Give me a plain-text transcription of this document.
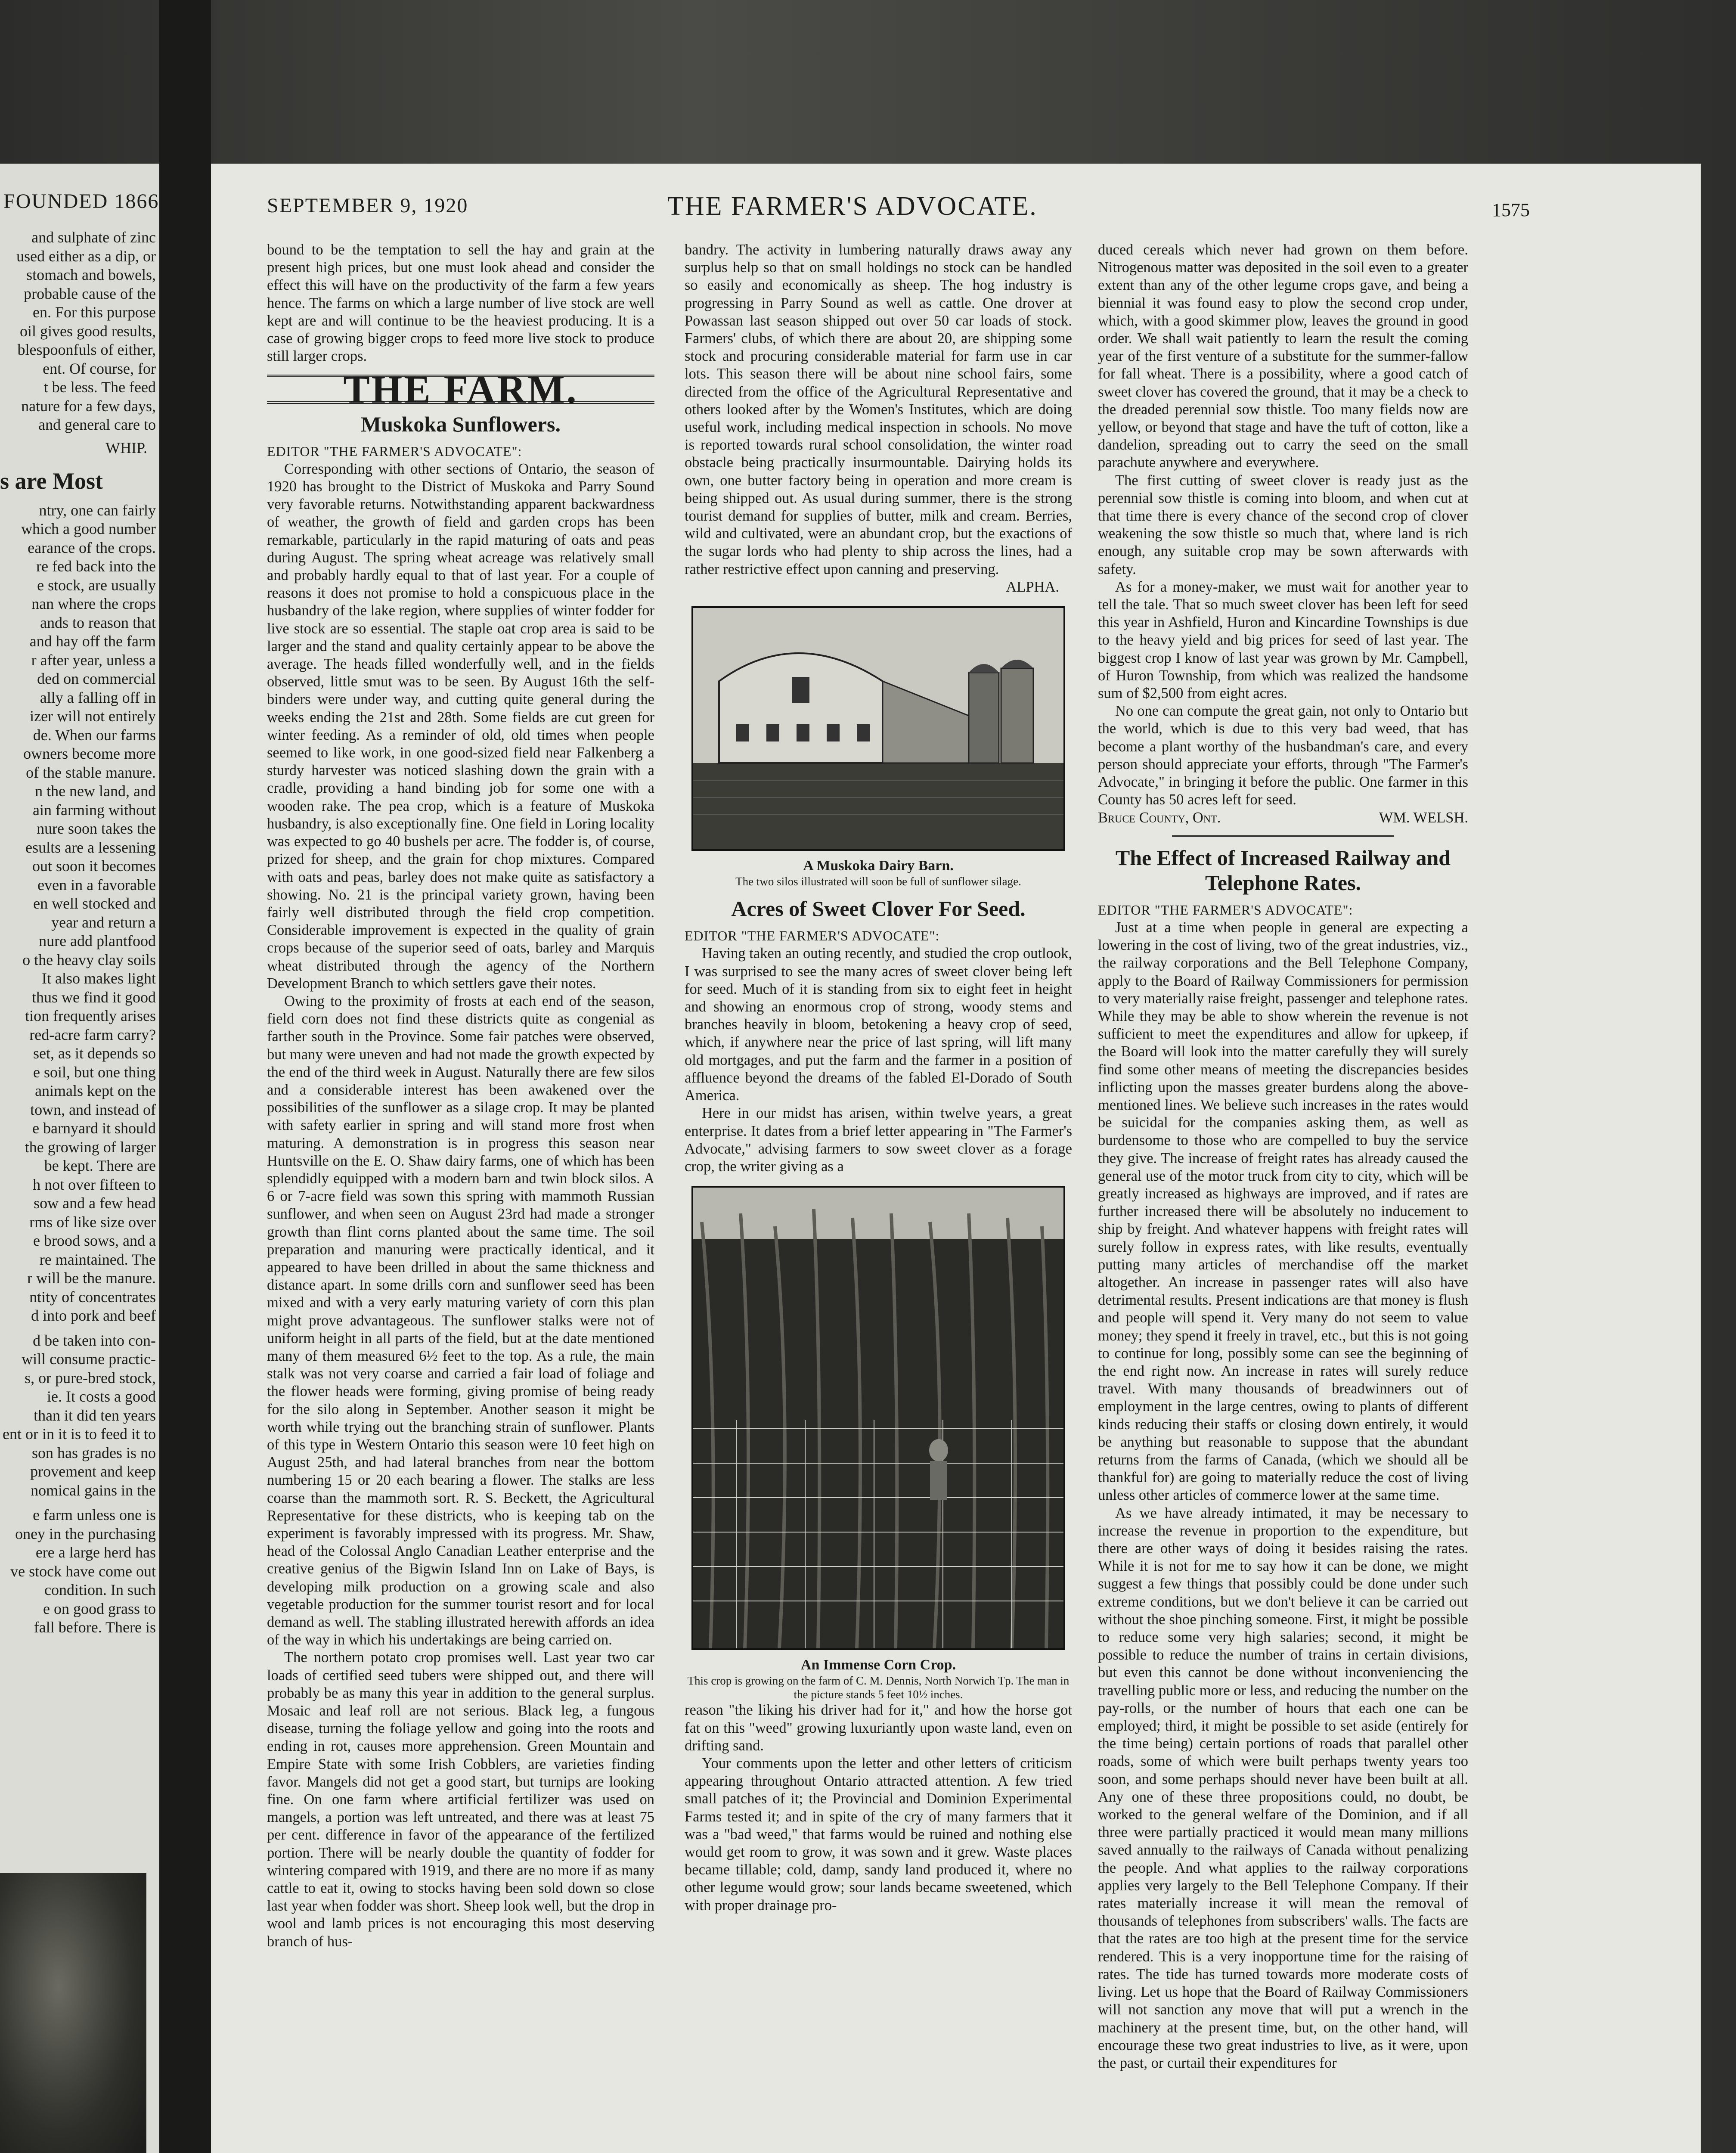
FOUNDED 1866

and sulphate of zinc

used either as a dip, or

stomach and bowels,

probable cause of the

en. For this purpose

oil gives good results,

blespoonfuls of either,

ent. Of course, for

t be less. The feed

nature for a few days,

and general care to

WHIP.

s are Most

ntry, one can fairly

which a good number

earance of the crops.

re fed back into the

e stock, are usually

nan where the crops

ands to reason that

and hay off the farm

r after year, unless a

ded on commercial

ally a falling off in

izer will not entirely

de. When our farms

owners become more

of the stable manure.

n the new land, and

ain farming without

nure soon takes the

esults are a lessening

out soon it becomes

even in a favorable

en well stocked and

year and return a

nure add plantfood

o the heavy clay soils

It also makes light

thus we find it good

tion frequently arises

red-acre farm carry?

set, as it depends so

e soil, but one thing

animals kept on the

town, and instead of

e barnyard it should

the growing of larger

be kept. There are

h not over fifteen to

sow and a few head

rms of like size over

e brood sows, and a

re maintained. The

r will be the manure.

ntity of concentrates

d into pork and beef

d be taken into con-

will consume practic-

s, or pure-bred stock,

ie. It costs a good

than it did ten years

ent or in it is to feed it to

son has grades is no

provement and keep

nomical gains in the

e farm unless one is

oney in the purchasing

ere a large herd has

ve stock have come out

condition. In such

e on good grass to

fall before. There is

SEPTEMBER 9, 1920	THE FARMER'S ADVOCATE.	1575

bound to be the temptation to sell the hay and grain at the present high prices, but one must look ahead and consider the effect this will have on the productivity of the farm a few years hence. The farms on which a large number of live stock are well kept are and will continue to be the heaviest producing. It is a case of growing bigger crops to feed more live stock to produce still larger crops.

THE FARM.
Muskoka Sunflowers.

EDITOR "THE FARMER'S ADVOCATE":

Corresponding with other sections of Ontario, the season of 1920 has brought to the District of Muskoka and Parry Sound very favorable returns. Notwithstanding apparent backwardness of weather, the growth of field and garden crops has been remarkable, particularly in the rapid maturing of oats and peas during August. The spring wheat acreage was relatively small and probably hardly equal to that of last year. For a couple of reasons it does not promise to hold a conspicuous place in the husbandry of the lake region, where supplies of winter fodder for live stock are so essential. The staple oat crop area is said to be larger and the stand and quality certainly appear to be above the average. The heads filled wonderfully well, and in the fields observed, little smut was to be seen. By August 16th the self-binders were under way, and cutting quite general during the weeks ending the 21st and 28th. Some fields are cut green for winter feeding. As a reminder of old, old times when people seemed to like work, in one good-sized field near Falkenberg a sturdy harvester was noticed slashing down the grain with a cradle, providing a hand binding job for some one with a wooden rake. The pea crop, which is a feature of Muskoka husbandry, is also exceptionally fine. One field in Loring locality was expected to go 40 bushels per acre. The fodder is, of course, prized for sheep, and the grain for chop mixtures. Compared with oats and peas, barley does not make quite as satisfactory a showing. No. 21 is the principal variety grown, having been fairly well distributed through the field crop competition. Considerable improvement is expected in the quality of grain crops because of the superior seed of oats, barley and Marquis wheat distributed through the agency of the Northern Development Branch to which settlers gave their notes.

Owing to the proximity of frosts at each end of the season, field corn does not find these districts quite as congenial as farther south in the Province. Some fair patches were observed, but many were uneven and had not made the growth expected by the end of the third week in August. Naturally there are few silos and a considerable interest has been awakened over the possibilities of the sunflower as a silage crop. It may be planted with safety earlier in spring and will stand more frost when maturing. A demonstration is in progress this season near Huntsville on the E. O. Shaw dairy farms, one of which has been splendidly equipped with a modern barn and twin block silos. A 6 or 7-acre field was sown this spring with mammoth Russian sunflower, and when seen on August 23rd had made a stronger growth than flint corns planted about the same time. The soil preparation and manuring were practically identical, and it appeared to have been drilled in about the same thickness and distance apart. In some drills corn and sunflower seed has been mixed and with a very early maturing variety of corn this plan might prove advantageous. The sunflower stalks were not of uniform height in all parts of the field, but at the date mentioned many of them measured 6½ feet to the top. As a rule, the main stalk was not very coarse and carried a fair load of foliage and the flower heads were forming, giving promise of being ready for the silo along in September. Another season it might be worth while trying out the branching strain of sunflower. Plants of this type in Western Ontario this season were 10 feet high on August 25th, and had lateral branches from near the bottom numbering 15 or 20 each bearing a flower. The stalks are less coarse than the mammoth sort. R. S. Beckett, the Agricultural Representative for these districts, who is keeping tab on the experiment is favorably impressed with its progress. Mr. Shaw, head of the Colossal Anglo Canadian Leather enterprise and the creative genius of the Bigwin Island Inn on Lake of Bays, is developing milk production on a growing scale and also vegetable production for the summer tourist resort and for local demand as well. The stabling illustrated herewith affords an idea of the way in which his undertakings are being carried on.

The northern potato crop promises well. Last year two car loads of certified seed tubers were shipped out, and there will probably be as many this year in addition to the general surplus. Mosaic and leaf roll are not serious. Black leg, a fungous disease, turning the foliage yellow and going into the roots and ending in rot, causes more apprehension. Green Mountain and Empire State with some Irish Cobblers, are varieties finding favor. Mangels did not get a good start, but turnips are looking fine. On one farm where artificial fertilizer was used on mangels, a portion was left untreated, and there was at least 75 per cent. difference in favor of the appearance of the fertilized portion. There will be nearly double the quantity of fodder for wintering compared with 1919, and there are no more if as many cattle to eat it, owing to stocks having been sold down so close last year when fodder was short. Sheep look well, but the drop in wool and lamb prices is not encouraging this most deserving branch of hus-

bandry. The activity in lumbering naturally draws away any surplus help so that on small holdings no stock can be handled so easily and economically as sheep. The hog industry is progressing in Parry Sound as well as cattle. One drover at Powassan last season shipped out over 50 car loads of stock. Farmers' clubs, of which there are about 20, are shipping some stock and procuring considerable material for farm use in car lots. This season there will be about nine school fairs, some directed from the office of the Agricultural Representative and others looked after by the Women's Institutes, which are doing useful work, including medical inspection in schools. No move is reported towards rural school consolidation, the winter road obstacle being practically insurmountable. Dairying holds its own, one butter factory being in operation and more cream is being shipped out. As usual during summer, there is the strong tourist demand for supplies of butter, milk and cream. Berries, wild and cultivated, were an abundant crop, but the exactions of the sugar lords who had plenty to ship across the lines, had a rather restrictive effect upon canning and preserving.

ALPHA.

A Muskoka Dairy Barn.

The two silos illustrated will soon be full of sunflower silage.

Acres of Sweet Clover For Seed.

EDITOR "THE FARMER'S ADVOCATE":

Having taken an outing recently, and studied the crop outlook, I was surprised to see the many acres of sweet clover being left for seed. Much of it is standing from six to eight feet in height and showing an enormous crop of strong, woody stems and branches heavily in bloom, betokening a heavy crop of seed, which, if anywhere near the price of last spring, will lift many old mortgages, and put the farm and the farmer in a position of affluence beyond the dreams of the fabled El-Dorado of South America.

Here in our midst has arisen, within twelve years, a great enterprise. It dates from a brief letter appearing in "The Farmer's Advocate," advising farmers to sow sweet clover as a forage crop, the writer giving as a

An Immense Corn Crop.

This crop is growing on the farm of C. M. Dennis, North Norwich Tp. The man in the picture stands 5 feet 10½ inches.

reason "the liking his driver had for it," and how the horse got fat on this "weed" growing luxuriantly upon waste land, even on drifting sand.

Your comments upon the letter and other letters of criticism appearing throughout Ontario attracted attention. A few tried small patches of it; the Provincial and Dominion Experimental Farms tested it; and in spite of the cry of many farmers that it was a "bad weed," that farms would be ruined and nothing else would get room to grow, it was sown and it grew. Waste places became tillable; cold, damp, sandy land produced it, where no other legume would grow; sour lands became sweetened, which with proper drainage pro-

duced cereals which never had grown on them before. Nitrogenous matter was deposited in the soil even to a greater extent than any of the other legume crops gave, and being a biennial it was found easy to plow the second crop under, which, with a good skimmer plow, leaves the ground in good order. We shall wait patiently to learn the result the coming year of the first venture of a substitute for the summer-fallow for fall wheat. There is a possibility, where a good catch of sweet clover has covered the ground, that it may be a check to the dreaded perennial sow thistle. Too many fields now are yellow, or beyond that stage and have the tuft of cotton, like a dandelion, spreading out to carry the seed on the small parachute anywhere and everywhere.

The first cutting of sweet clover is ready just as the perennial sow thistle is coming into bloom, and when cut at that time there is every chance of the second crop of clover weakening the sow thistle so much that, where land is rich enough, any suitable crop may be sown afterwards with safety.

As for a money-maker, we must wait for another year to tell the tale. That so much sweet clover has been left for seed this year in Ashfield, Huron and Kincardine Townships is due to the heavy yield and big prices for seed of last year. The biggest crop I know of last year was grown by Mr. Campbell, of Huron Township, from which was realized the handsome sum of $2,500 from eight acres.

No one can compute the great gain, not only to Ontario but the world, which is due to this very bad weed, that has become a plant worthy of the husbandman's care, and every person should appreciate your efforts, through "The Farmer's Advocate," in bringing it before the public. One farmer in this County has 50 acres left for seed.

Bruce County, Ont.	WM. WELSH.

The Effect of Increased Railway and Telephone Rates.

EDITOR "THE FARMER'S ADVOCATE":

Just at a time when people in general are expecting a lowering in the cost of living, two of the great industries, viz., the railway corporations and the Bell Telephone Company, apply to the Board of Railway Commissioners for permission to very materially raise freight, passenger and telephone rates. While they may be able to show wherein the revenue is not sufficient to meet the expenditures and allow for upkeep, if the Board will look into the matter carefully they will surely find some other means of meeting the discrepancies besides inflicting upon the masses greater burdens along the above-mentioned lines. We believe such increases in the rates would be suicidal for the companies asking them, as well as burdensome to those who are compelled to buy the service they give. The increase of freight rates has already caused the general use of the motor truck from city to city, which will be greatly increased as highways are improved, and if rates are further increased there will be absolutely no inducement to ship by freight. And whatever happens with freight rates will surely follow in express rates, with like results, eventually putting many articles of merchandise off the market altogether. An increase in passenger rates will also have detrimental results. Present indications are that money is flush and people will spend it. Very many do not seem to value money; they spend it freely in travel, etc., but this is not going to continue for long, possibly some can see the beginning of the end right now. An increase in rates will surely reduce travel. With many thousands of breadwinners out of employment in the large centres, owing to plants of different kinds reducing their staffs or closing down entirely, it would be anything but reasonable to suppose that the abundant returns from the farms of Canada, (which we should all be thankful for) are going to materially reduce the cost of living unless other articles of commerce lower at the same time.

As we have already intimated, it may be necessary to increase the revenue in proportion to the expenditure, but there are other ways of doing it besides raising the rates. While it is not for me to say how it can be done, we might suggest a few things that possibly could be done under such extreme conditions, but we don't believe it can be carried out without the shoe pinching someone. First, it might be possible to reduce some very high salaries; second, it might be possible to reduce the number of trains in certain divisions, but even this cannot be done without inconveniencing the travelling public more or less, and reducing the number on the pay-rolls, or the number of hours that each one can be employed; third, it might be possible to set aside (entirely for the time being) certain portions of roads that parallel other roads, some of which were built perhaps twenty years too soon, and some perhaps should never have been built at all. Any one of these three propositions could, no doubt, be worked to the general welfare of the Dominion, and if all three were partially practiced it would mean many millions saved annually to the railways of Canada without penalizing the people. And what applies to the railway corporations applies very largely to the Bell Telephone Company. If their rates materially increase it will mean the removal of thousands of telephones from subscribers' walls. The facts are that the rates are too high at the present time for the service rendered. This is a very inopportune time for the raising of rates. The tide has turned towards more moderate costs of living. Let us hope that the Board of Railway Commissioners will not sanction any move that will put a wrench in the machinery at the present time, but, on the other hand, will encourage these two great industries to live, as it were, upon the past, or curtail their expenditures for
